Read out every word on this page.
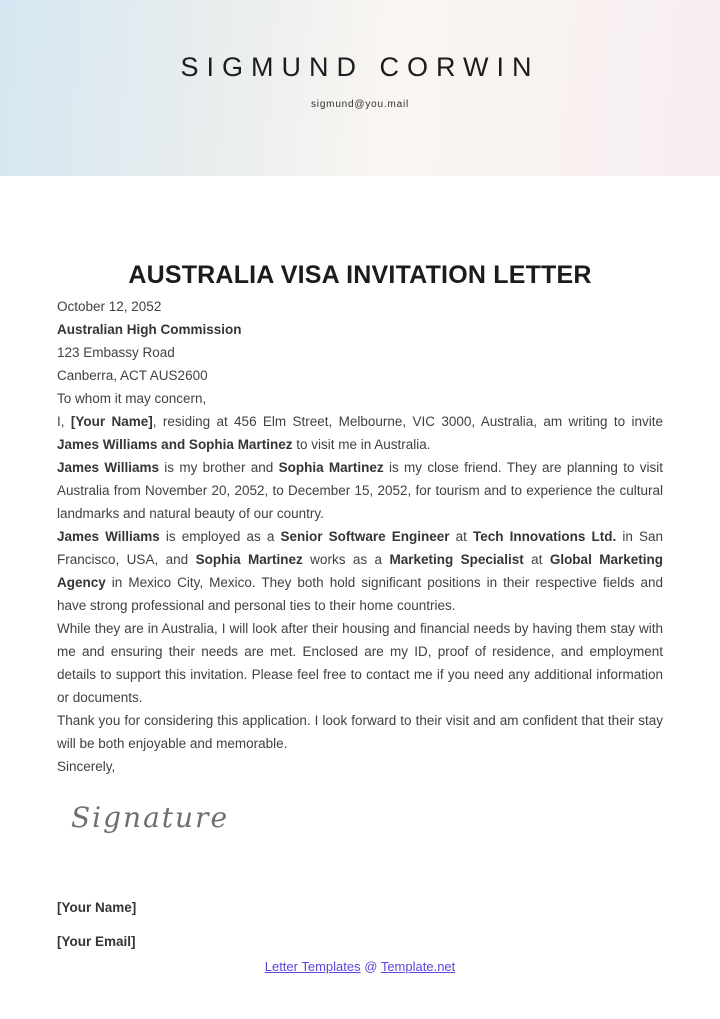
SIGMUND CORWIN
sigmund@you.mail
AUSTRALIA VISA INVITATION LETTER
October 12, 2052
Australian High Commission
123 Embassy Road
Canberra, ACT AUS2600
To whom it may concern,

I, [Your Name], residing at 456 Elm Street, Melbourne, VIC 3000, Australia, am writing to invite James Williams and Sophia Martinez to visit me in Australia.

James Williams is my brother and Sophia Martinez is my close friend. They are planning to visit Australia from November 20, 2052, to December 15, 2052, for tourism and to experience the cultural landmarks and natural beauty of our country.

James Williams is employed as a Senior Software Engineer at Tech Innovations Ltd. in San Francisco, USA, and Sophia Martinez works as a Marketing Specialist at Global Marketing Agency in Mexico City, Mexico. They both hold significant positions in their respective fields and have strong professional and personal ties to their home countries.

While they are in Australia, I will look after their housing and financial needs by having them stay with me and ensuring their needs are met. Enclosed are my ID, proof of residence, and employment details to support this invitation. Please feel free to contact me if you need any additional information or documents.

Thank you for considering this application. I look forward to their visit and am confident that their stay will be both enjoyable and memorable.

Sincerely,
Signature
[Your Name]
[Your Email]
Letter Templates @ Template.net
